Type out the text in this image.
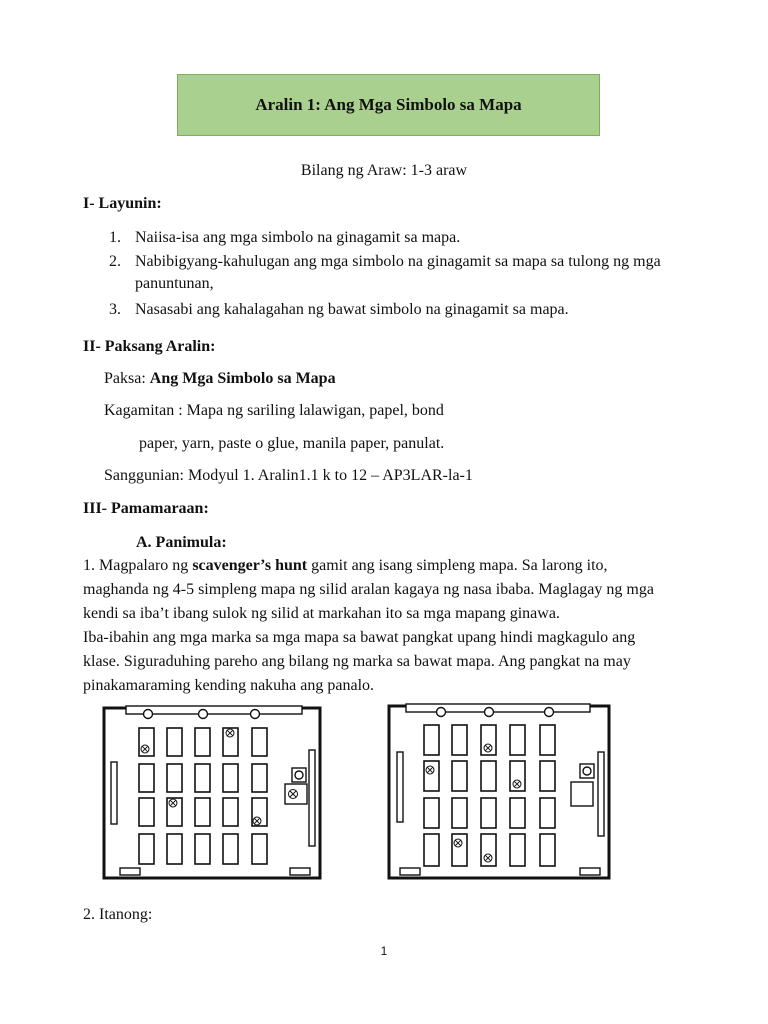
Aralin 1: Ang Mga Simbolo sa Mapa
Bilang ng Araw: 1-3 araw
I- Layunin:
1. Naiisa-isa ang mga simbolo na ginagamit sa mapa.
2. Nabibigyang-kahulugan ang mga simbolo na ginagamit sa mapa sa tulong ng mga
panuntunan,
3. Nasasabi ang kahalagahan ng bawat simbolo na ginagamit sa mapa.
II- Paksang Aralin:
Paksa: Ang Mga Simbolo sa Mapa
Kagamitan : Mapa ng sariling lalawigan, papel, bond
paper, yarn, paste o glue, manila paper, panulat.
Sanggunian: Modyul 1. Aralin1.1 k to 12 – AP3LAR-la-1
III- Pamamaraan:
A. Panimula:
1. Magpalaro ng scavenger’s hunt gamit ang isang simpleng mapa. Sa larong ito,
maghanda ng 4-5 simpleng mapa ng silid aralan kagaya ng nasa ibaba. Maglagay ng mga
kendi sa iba’t ibang sulok ng silid at markahan ito sa mga mapang ginawa.
Iba-ibahin ang mga marka sa mga mapa sa bawat pangkat upang hindi magkagulo ang
klase. Siguraduhing pareho ang bilang ng marka sa bawat mapa. Ang pangkat na may
pinakamaraming kending nakuha ang panalo.
2. Itanong:
1
